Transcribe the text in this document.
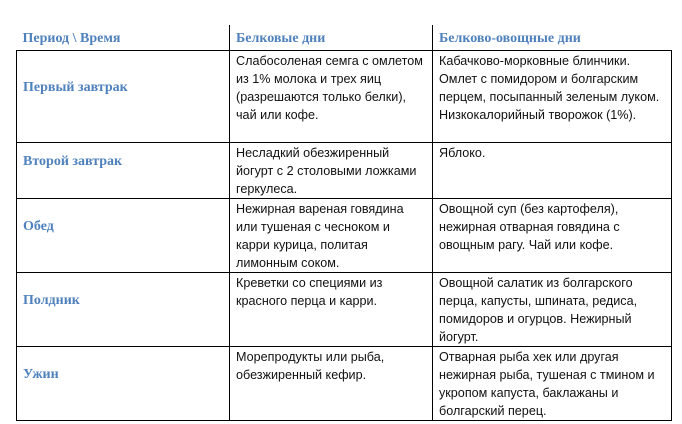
Период \ Время	Белковые дни	Белково-овощные дни

Первый завтрак	Слабосоленая семга с омлетом из 1% молока и трех яиц (разрешаются только белки), чай или кофе.	Кабачково-морковные блинчики. Омлет с помидором и болгарским перцем, посыпанный зеленым луком. Низкокалорийный творожок (1%).

Второй завтрак	Несладкий обезжиренный йогурт с 2 столовыми ложками геркулеса.	Яблоко.

Обед	Нежирная вареная говядина или тушеная с чесноком и карри курица, политая лимонным соком.	Овощной суп (без картофеля), нежирная отварная говядина с овощным рагу. Чай или кофе.

Полдник	Креветки со специями из красного перца и карри.	Овощной салатик из болгарского перца, капусты, шпината, редиса, помидоров и огурцов. Нежирный йогурт.

Ужин	Морепродукты или рыба, обезжиренный кефир.	Отварная рыба хек или другая нежирная рыба, тушеная с тмином и укропом капуста, баклажаны и болгарский перец.
